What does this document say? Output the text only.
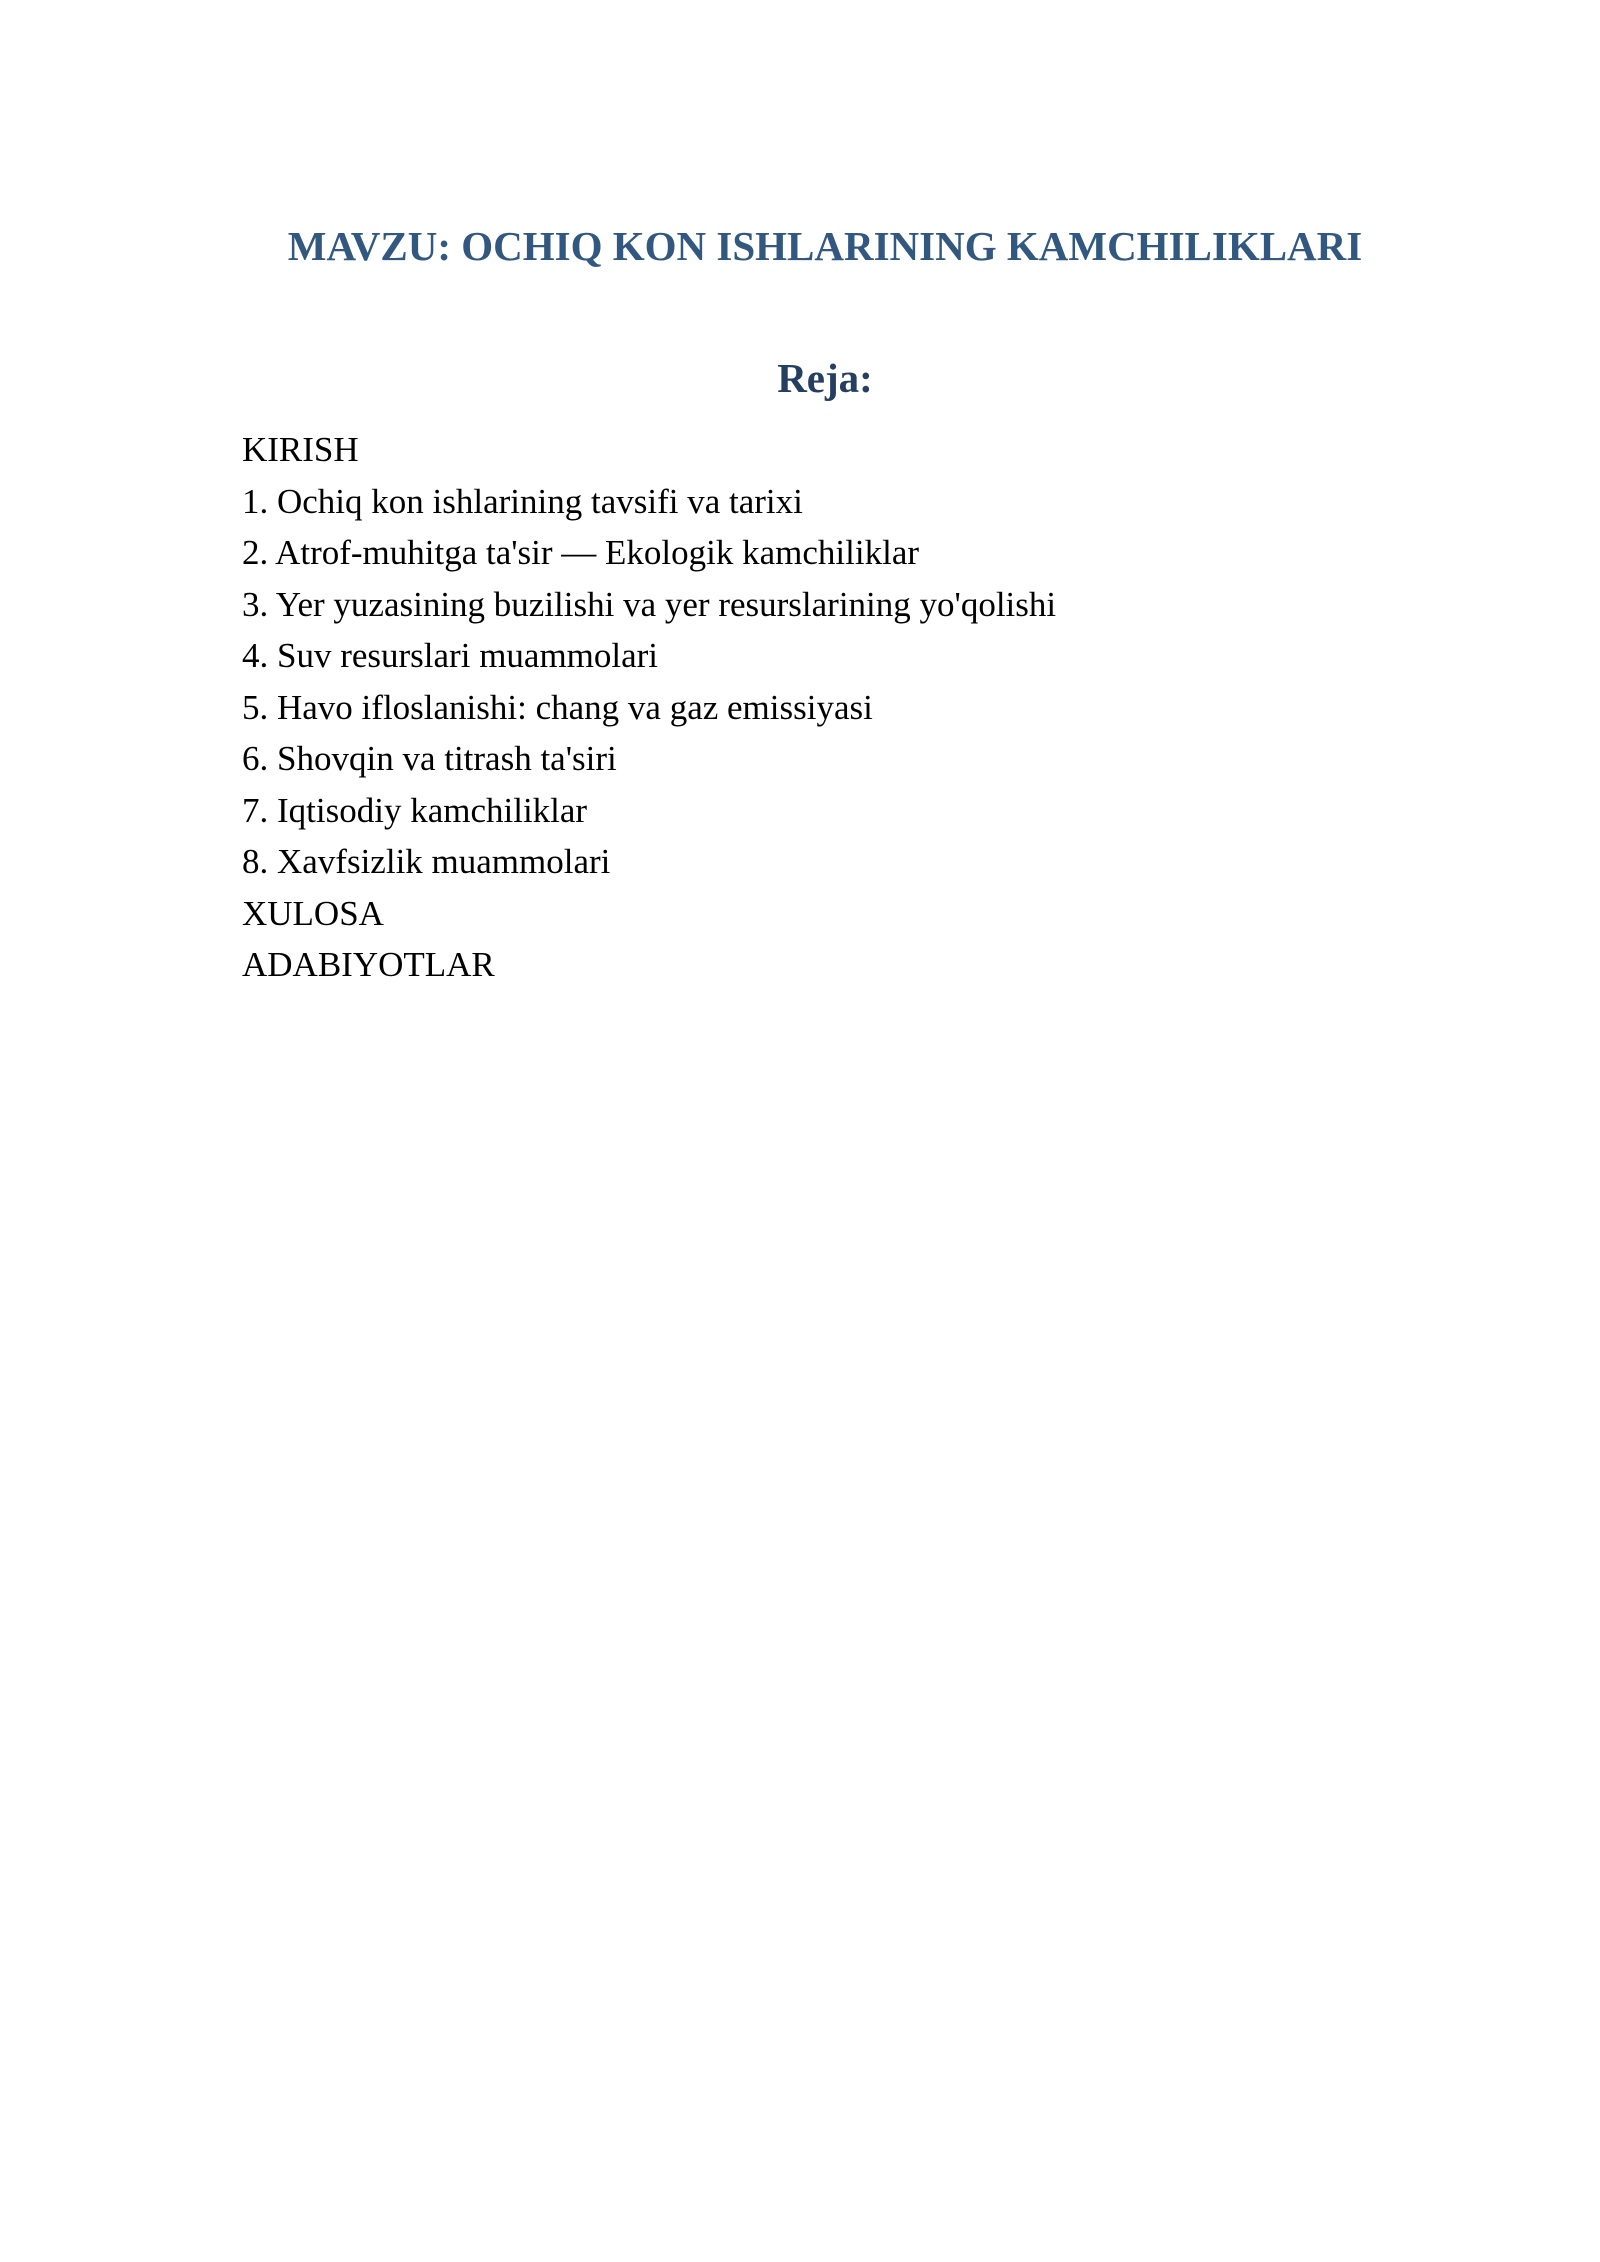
MAVZU: OCHIQ KON ISHLARINING KAMCHILIKLARI
Reja:
KIRISH
1. Ochiq kon ishlarining tavsifi va tarixi
2. Atrof-muhitga ta'sir — Ekologik kamchiliklar
3. Yer yuzasining buzilishi va yer resurslarining yo'qolishi
4. Suv resurslari muammolari
5. Havo ifloslanishi: chang va gaz emissiyasi
6. Shovqin va titrash ta'siri
7. Iqtisodiy kamchiliklar
8. Xavfsizlik muammolari
XULOSA
ADABIYOTLAR
